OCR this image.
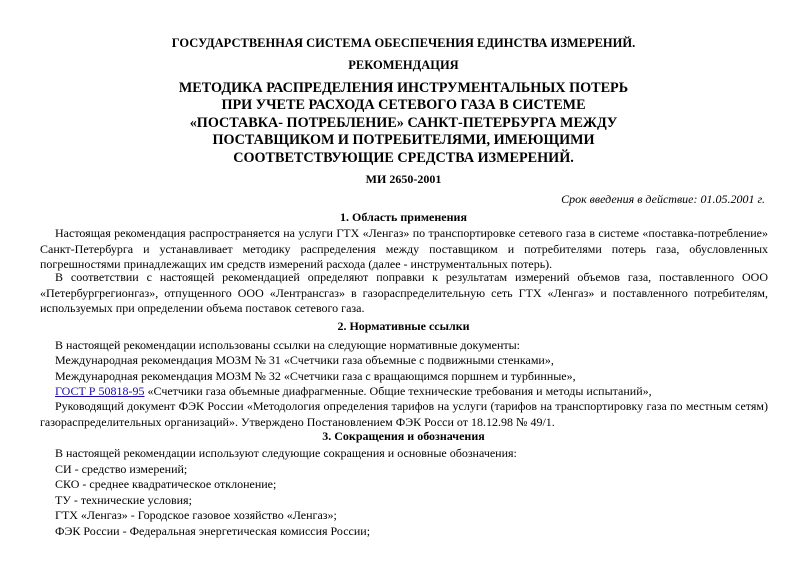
ГОСУДАРСТВЕННАЯ СИСТЕМА ОБЕСПЕЧЕНИЯ ЕДИНСТВА ИЗМЕРЕНИЙ.
РЕКОМЕНДАЦИЯ
МЕТОДИКА РАСПРЕДЕЛЕНИЯ ИНСТРУМЕНТАЛЬНЫХ ПОТЕРЬ
ПРИ УЧЕТЕ РАСХОДА СЕТЕВОГО ГАЗА В СИСТЕМЕ
«ПОСТАВКА- ПОТРЕБЛЕНИЕ» САНКТ-ПЕТЕРБУРГА МЕЖДУ
ПОСТАВЩИКОМ И ПОТРЕБИТЕЛЯМИ, ИМЕЮЩИМИ
СООТВЕТСТВУЮЩИЕ СРЕДСТВА ИЗМЕРЕНИЙ.
МИ 2650-2001
Срок введения в действие: 01.05.2001 г.
1. Область применения
Настоящая рекомендация распространяется на услуги ГТХ «Ленгаз» по транспортировке сетевого газа в системе «поставка-потребление» Санкт-Петербурга и устанавливает методику распределения между поставщиком и потребителями потерь газа, обусловленных погрешностями принадлежащих им средств измерений расхода (далее - инструментальных потерь).
В соответствии с настоящей рекомендацией определяют поправки к результатам измерений объемов газа, поставленного ООО «Петербургрегионгаз», отпущенного ООО «Лентрансгаз» в газораспределительную сеть ГТХ «Ленгаз» и поставленного потребителям, используемых при определении объема поставок сетевого газа.
2. Нормативные ссылки
В настоящей рекомендации использованы ссылки на следующие нормативные документы:
Международная рекомендация МОЗМ № 31 «Счетчики газа объемные с подвижными стенками»,
Международная рекомендация МОЗМ № 32 «Счетчики газа с вращающимся поршнем и турбинные»,
ГОСТ Р 50818-95 «Счетчики газа объемные диафрагменные. Общие технические требования и методы испытаний»,
Руководящий документ ФЭК России «Методология определения тарифов на услуги (тарифов на транспортировку газа по местным сетям) газораспределительных организаций». Утверждено Постановлением ФЭК Росси от 18.12.98 № 49/1.
3. Сокращения и обозначения
В настоящей рекомендации используют следующие сокращения и основные обозначения:
СИ - средство измерений;
СКО - среднее квадратическое отклонение;
ТУ - технические условия;
ГТХ «Ленгаз» - Городское газовое хозяйство «Ленгаз»;
ФЭК России - Федеральная энергетическая комиссия России;
